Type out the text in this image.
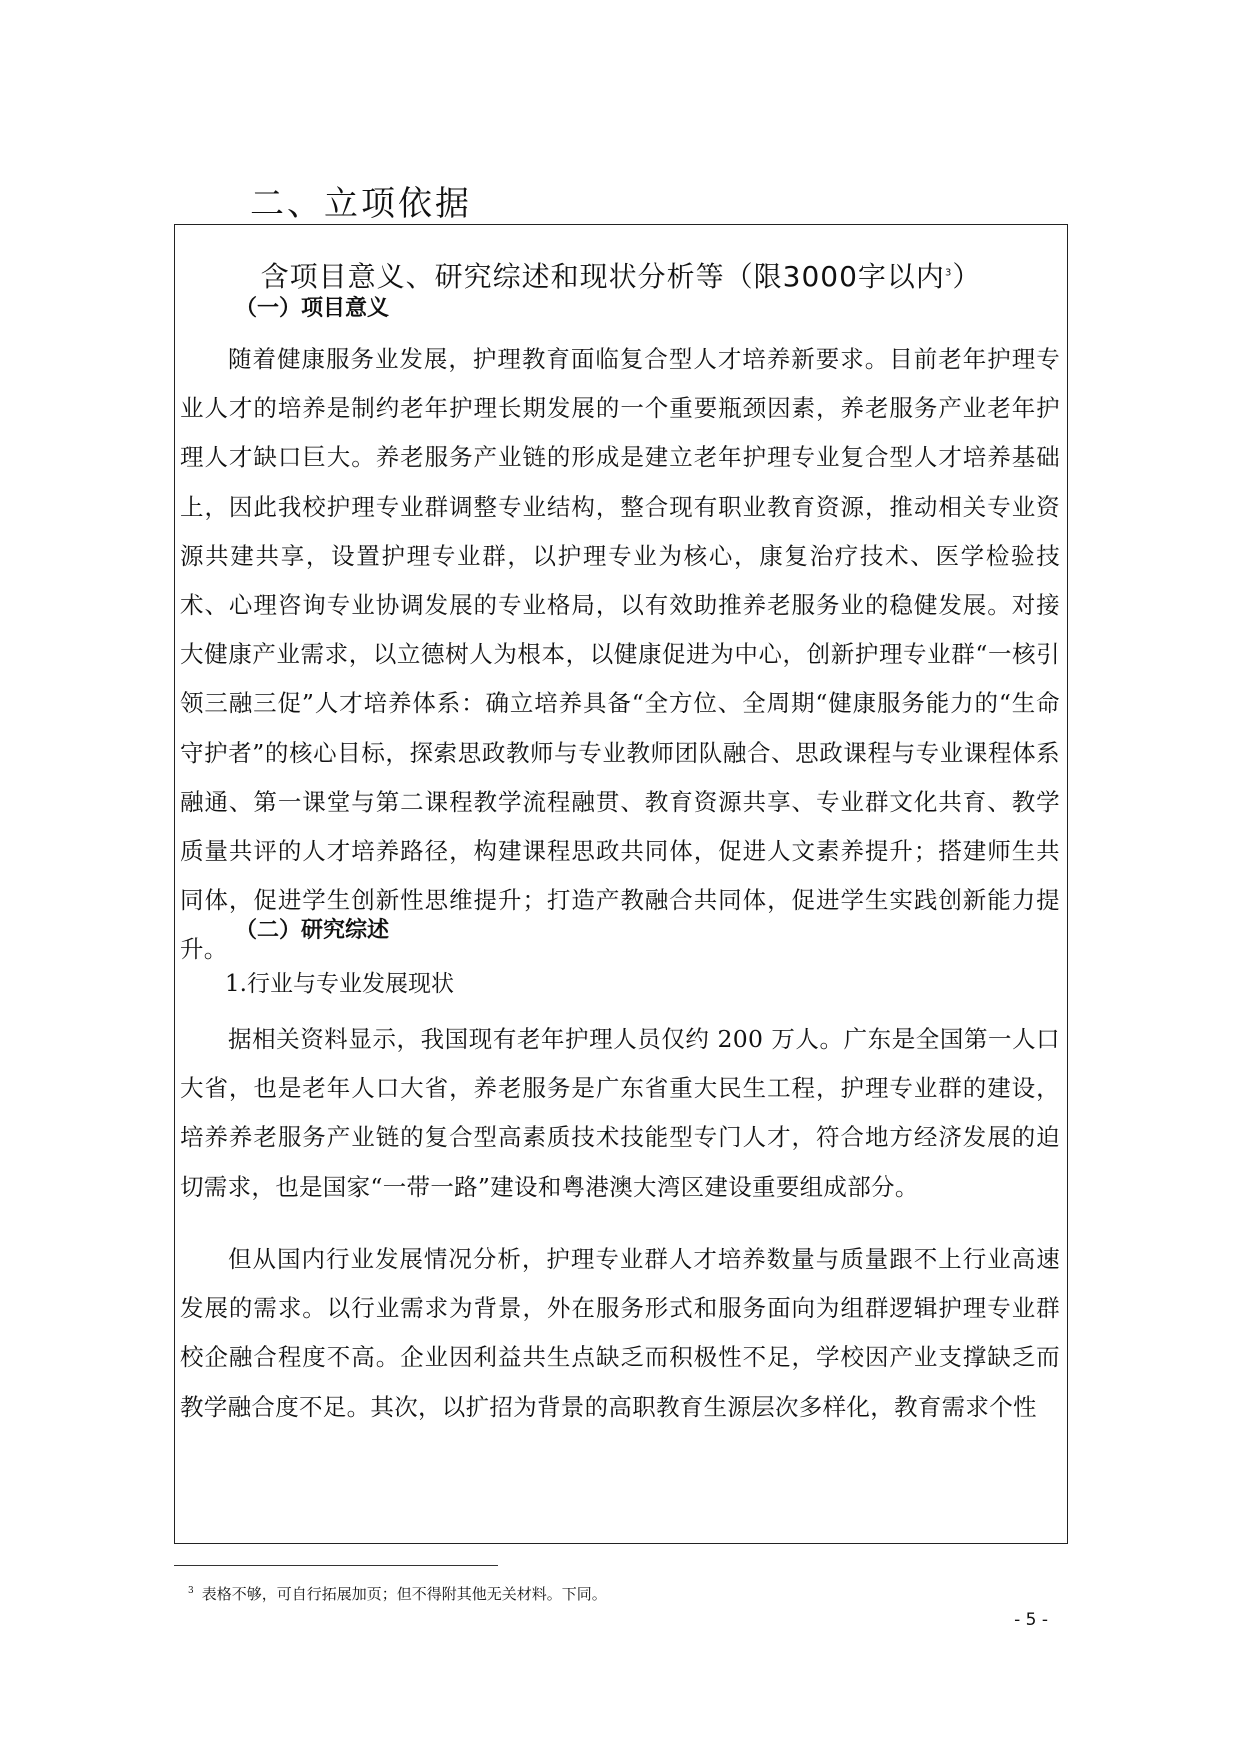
二、立项依据
含项目意义、研究综述和现状分析等（限3000字以内$^3$）
（一）项目意义

随着健康服务业发展，护理教育面临复合型人才培养新要求。目前老年护理专业人才的培养是制约老年护理长期发展的一个重要瓶颈因素，养老服务产业老年护理人才缺口巨大。养老服务产业链的形成是建立老年护理专业复合型人才培养基础上，因此我校护理专业群调整专业结构，整合现有职业教育资源，推动相关专业资源共建共享，设置护理专业群，以护理专业为核心，康复治疗技术、医学检验技术、心理咨询专业协调发展的专业格局，以有效助推养老服务业的稳健发展。对接大健康产业需求，以立德树人为根本，以健康促进为中心，创新护理专业群“一核引领三融三促”人才培养体系：确立培养具备“全方位、全周期“健康服务能力的“生命守护者”的核心目标，探索思政教师与专业教师团队融合、思政课程与专业课程体系融通、第一课堂与第二课程教学流程融贯、教育资源共享、专业群文化共育、教学质量共评的人才培养路径，构建课程思政共同体，促进人文素养提升；搭建师生共同体，促进学生创新性思维提升；打造产教融合共同体，促进学生实践创新能力提升。

（二）研究综述
1.行业与专业发展现状

据相关资料显示，我国现有老年护理人员仅约 200 万人。广东是全国第一人口大省，也是老年人口大省，养老服务是广东省重大民生工程，护理专业群的建设，培养养老服务产业链的复合型高素质技术技能型专门人才，符合地方经济发展的迫切需求，也是国家“一带一路”建设和粤港澳大湾区建设重要组成部分。

但从国内行业发展情况分析，护理专业群人才培养数量与质量跟不上行业高速发展的需求。以行业需求为背景，外在服务形式和服务面向为组群逻辑护理专业群校企融合程度不高。企业因利益共生点缺乏而积极性不足，学校因产业支撑缺乏而教学融合度不足。其次，以扩招为背景的高职教育生源层次多样化，教育需求个性

$^3$ 表格不够，可自行拓展加页；但不得附其他无关材料。下同。
- 5 -
